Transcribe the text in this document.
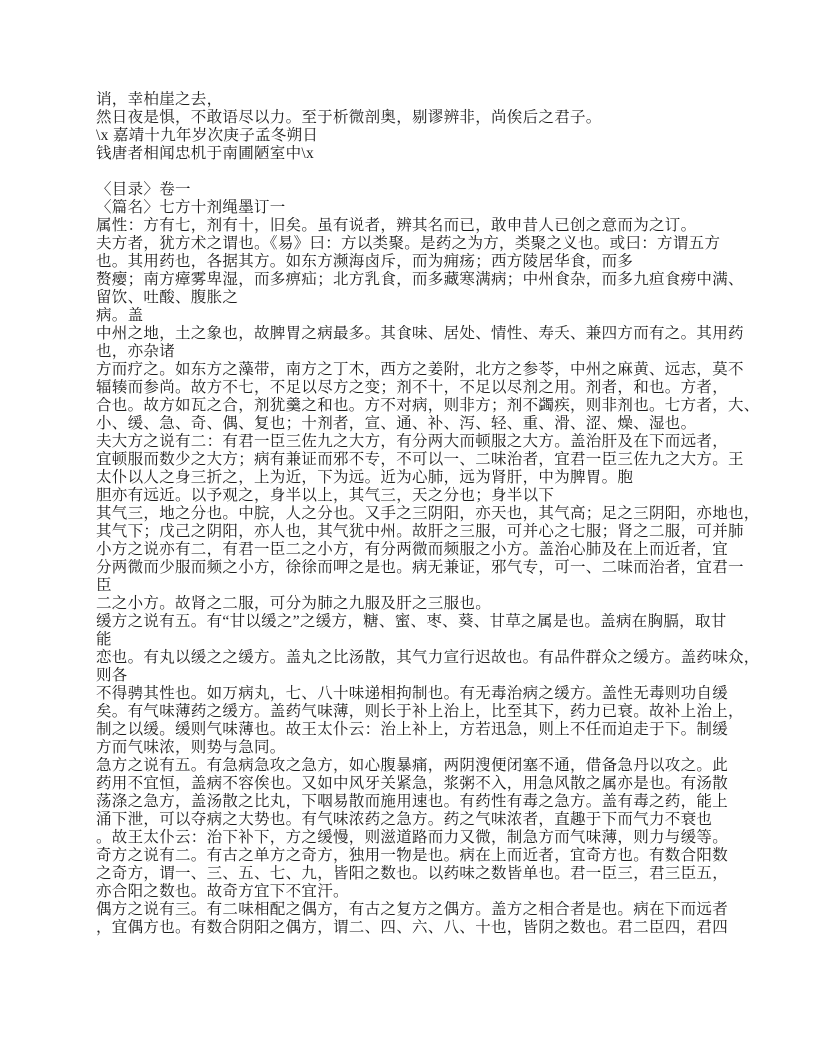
诮，幸柏崖之去，
然日夜是惧，不敢语尽以力。至于析微剖奥，剔谬辨非，尚俟后之君子。
\x 嘉靖十九年岁次庚子孟冬朔日
钱唐者相闻忠机于南圃陋室中\x

〈目录〉卷一
〈篇名〉七方十剂绳墨订一
属性：方有七，剂有十，旧矣。虽有说者，辨其名而已，敢申昔人已创之意而为之订。
夫方者，犹方术之谓也。《易》曰：方以类聚。是药之为方，类聚之义也。或曰：方谓五方
也。其用药也，各据其方。如东方濒海卤斥，而为痈疡；西方陵居华食，而多
赘瘿；南方瘴雾卑湿，而多痹疝；北方乳食，而多藏寒满病；中州食杂，而多九疸食痨中满、
留饮、吐酸、腹胀之
病。盖
中州之地，土之象也，故脾胃之病最多。其食味、居处、情性、寿夭、兼四方而有之。其用药
也，亦杂诸
方而疗之。如东方之藻带，南方之丁木，西方之姜附，北方之参苓，中州之麻黄、远志，莫不
辐辏而参尚。故方不七，不足以尽方之变；剂不十，不足以尽剂之用。剂者，和也。方者，
合也。故方如瓦之合，剂犹羹之和也。方不对病，则非方；剂不蠲疾，则非剂也。七方者，大、
小、缓、急、奇、偶、复也；十剂者，宣、通、补、泻、轻、重、滑、涩、燥、湿也。
夫大方之说有二：有君一臣三佐九之大方，有分两大而顿服之大方。盖治肝及在下而远者，
宜顿服而数少之大方；病有兼证而邪不专，不可以一、二味治者，宜君一臣三佐九之大方。王
太仆以人之身三折之，上为近，下为远。近为心肺，远为肾肝，中为脾胃。胞
胆亦有远近。以予观之，身半以上，其气三，天之分也；身半以下
其气三，地之分也。中脘，人之分也。又手之三阴阳，亦天也，其气高；足之三阴阳，亦地也，
其气下；戊己之阴阳，亦人也，其气犹中州。故肝之三服，可并心之七服；肾之二服，可并肺
小方之说亦有二，有君一臣二之小方，有分两微而频服之小方。盖治心肺及在上而近者，宜
分两微而少服而频之小方，徐徐而呷之是也。病无兼证，邪气专，可一、二味而治者，宜君一
臣
二之小方。故肾之二服，可分为肺之九服及肝之三服也。
缓方之说有五。有“甘以缓之”之缓方，糖、蜜、枣、葵、甘草之属是也。盖病在胸膈，取甘
能
恋也。有丸以缓之之缓方。盖丸之比汤散，其气力宣行迟故也。有品件群众之缓方。盖药味众，
则各
不得骋其性也。如万病丸，七、八十味递相拘制也。有无毒治病之缓方。盖性无毒则功自缓
矣。有气味薄药之缓方。盖药气味薄，则长于补上治上，比至其下，药力已衰。故补上治上，
制之以缓。缓则气味薄也。故王太仆云：治上补上，方若迅急，则上不任而迫走于下。制缓
方而气味浓，则势与急同。
急方之说有五。有急病急攻之急方，如心腹暴痛，两阴溲便闭塞不通，借备急丹以攻之。此
药用不宜恒，盖病不容俟也。又如中风牙关紧急，浆粥不入，用急风散之属亦是也。有汤散
荡涤之急方，盖汤散之比丸，下咽易散而施用速也。有药性有毒之急方。盖有毒之药，能上
涌下泄，可以夺病之大势也。有气味浓药之急方。药之气味浓者，直趣于下而气力不衰也
。故王太仆云：治下补下，方之缓慢，则滋道路而力又微，制急方而气味薄，则力与缓等。
奇方之说有二。有古之单方之奇方，独用一物是也。病在上而近者，宜奇方也。有数合阳数
之奇方，谓一、三、五、七、九，皆阳之数也。以药味之数皆单也。君一臣三，君三臣五，
亦合阳之数也。故奇方宜下不宜汗。
偶方之说有三。有二味相配之偶方，有古之复方之偶方。盖方之相合者是也。病在下而远者
，宜偶方也。有数合阴阳之偶方，谓二、四、六、八、十也，皆阴之数也。君二臣四，君四
